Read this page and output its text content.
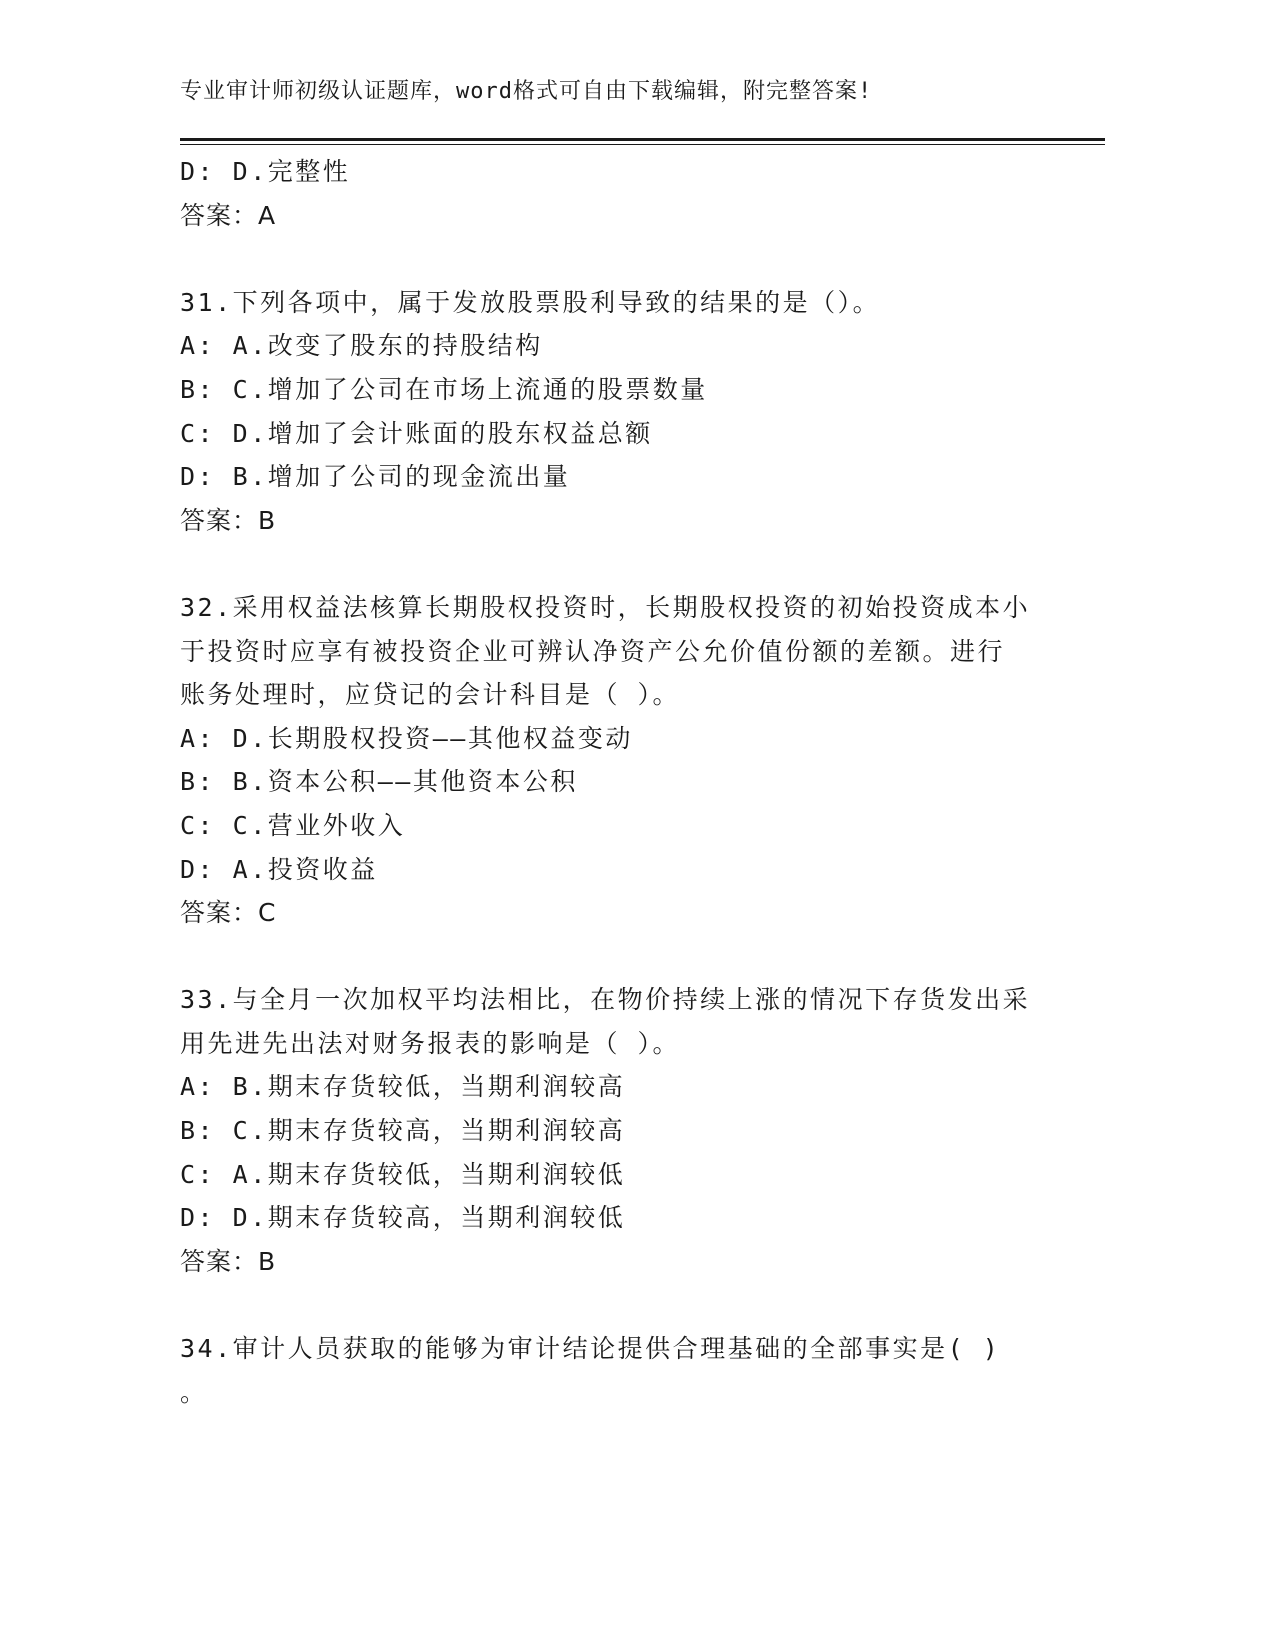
专业审计师初级认证题库，word格式可自由下载编辑，附完整答案!
D: D.完整性
答案：A
31.下列各项中，属于发放股票股利导致的结果的是（）。
A: A.改变了股东的持股结构
B: C.增加了公司在市场上流通的股票数量
C: D.增加了会计账面的股东权益总额
D: B.增加了公司的现金流出量
答案：B
32.采用权益法核算长期股权投资时，长期股权投资的初始投资成本小
于投资时应享有被投资企业可辨认净资产公允价值份额的差额。进行
账务处理时，应贷记的会计科目是（ ）。
A: D.长期股权投资——其他权益变动
B: B.资本公积——其他资本公积
C: C.营业外收入
D: A.投资收益
答案：C
33.与全月一次加权平均法相比，在物价持续上涨的情况下存货发出采
用先进先出法对财务报表的影响是（ ）。
A: B.期末存货较低，当期利润较高
B: C.期末存货较高，当期利润较高
C: A.期末存货较低，当期利润较低
D: D.期末存货较高，当期利润较低
答案：B
34.审计人员获取的能够为审计结论提供合理基础的全部事实是( )
。
